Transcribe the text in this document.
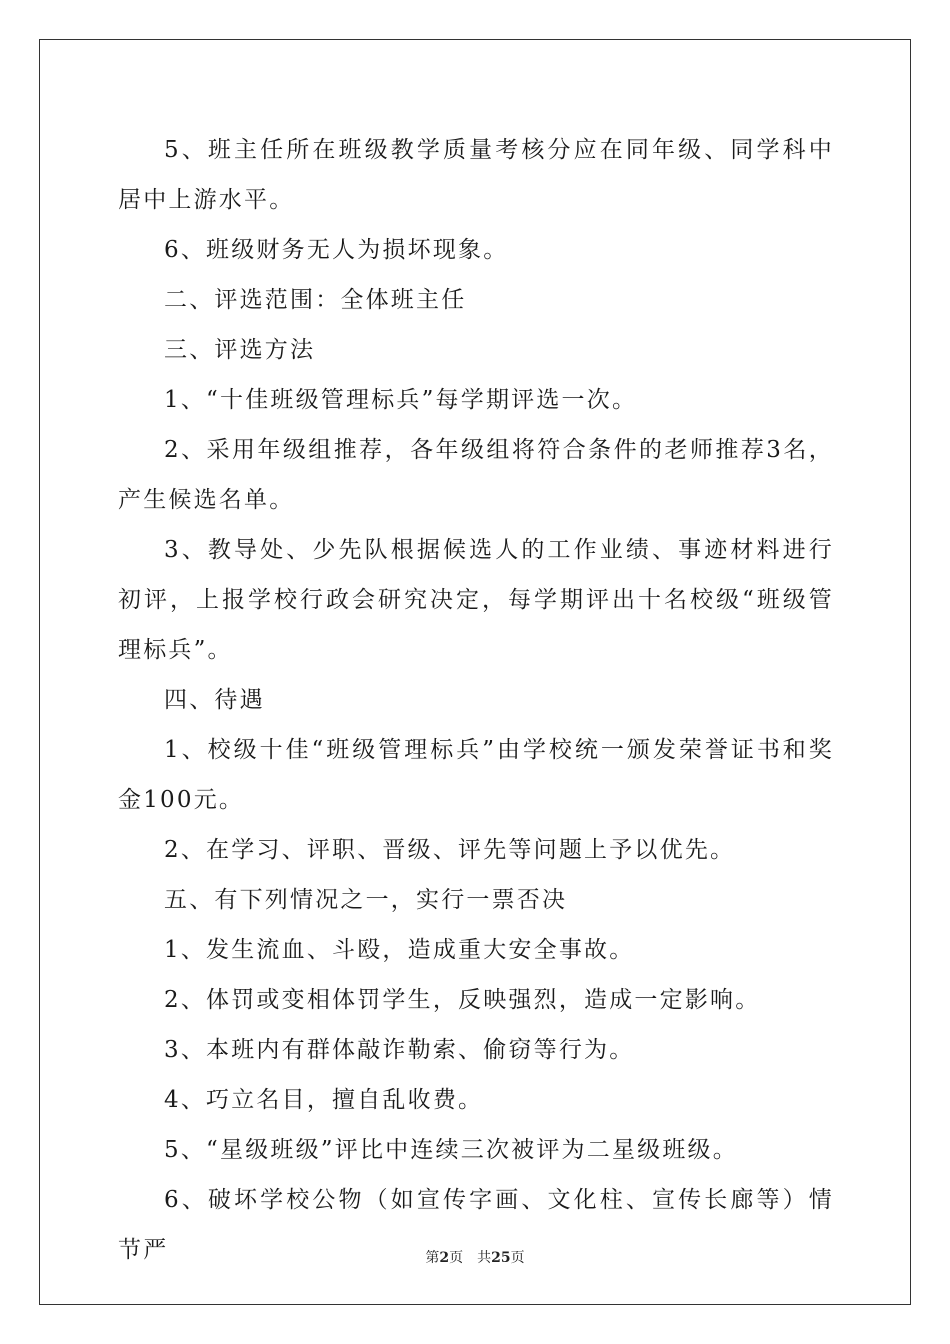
5、班主任所在班级教学质量考核分应在同年级、同学科中居中上游水平。

6、班级财务无人为损坏现象。

二、评选范围：全体班主任

三、评选方法

1、“十佳班级管理标兵”每学期评选一次。

2、采用年级组推荐，各年级组将符合条件的老师推荐3名，产生候选名单。

3、教导处、少先队根据候选人的工作业绩、事迹材料进行初评，上报学校行政会研究决定，每学期评出十名校级“班级管理标兵”。

四、待遇

1、校级十佳“班级管理标兵”由学校统一颁发荣誉证书和奖金100元。

2、在学习、评职、晋级、评先等问题上予以优先。

五、有下列情况之一，实行一票否决

1、发生流血、斗殴，造成重大安全事故。

2、体罚或变相体罚学生，反映强烈，造成一定影响。

3、本班内有群体敲诈勒索、偷窃等行为。

4、巧立名目，擅自乱收费。

5、“星级班级”评比中连续三次被评为二星级班级。

6、破坏学校公物（如宣传字画、文化柱、宣传长廊等）情节严	第2页 共25页
